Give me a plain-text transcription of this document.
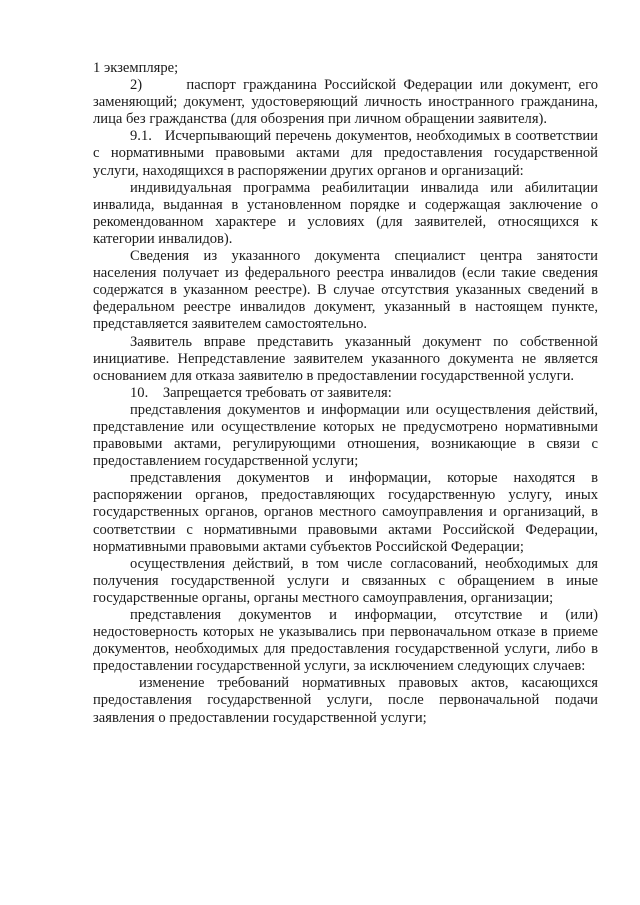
1 экземпляре;

2)      паспорт гражданина Российской Федерации или документ, его заменяющий; документ, удостоверяющий личность иностранного гражданина, лица без гражданства (для обозрения при личном обращении заявителя).

9.1.   Исчерпывающий перечень документов, необходимых в соответствии с нормативными правовыми актами для предоставления государственной услуги, находящихся в распоряжении других органов и организаций:

индивидуальная программа реабилитации инвалида или абилитации инвалида, выданная в установленном порядке и содержащая заключение о рекомендованном характере и условиях (для заявителей, относящихся к категории инвалидов).

Сведения из указанного документа специалист центра занятости населения получает из федерального реестра инвалидов (если такие сведения содержатся в указанном реестре). В случае отсутствия указанных сведений в федеральном реестре инвалидов документ, указанный в настоящем пункте, представляется заявителем самостоятельно.

Заявитель вправе представить указанный документ по собственной инициативе. Непредставление заявителем указанного документа не является основанием для отказа заявителю в предоставлении государственной услуги.

10.    Запрещается требовать от заявителя:

представления документов и информации или осуществления действий, представление или осуществление которых не предусмотрено нормативными правовыми актами, регулирующими отношения, возникающие в связи с предоставлением государственной услуги;

представления документов и информации, которые находятся в распоряжении органов, предоставляющих государственную услугу, иных государственных органов, органов местного самоуправления и организаций, в соответствии с нормативными правовыми актами Российской Федерации, нормативными правовыми актами субъектов Российской Федерации;

осуществления действий, в том числе согласований, необходимых для получения государственной услуги и связанных с обращением в иные государственные органы, органы местного самоуправления, организации;

представления документов и информации, отсутствие и (или) недостоверность которых не указывались при первоначальном отказе в приеме документов, необходимых для предоставления государственной услуги, либо в предоставлении государственной услуги, за исключением следующих случаев:

изменение требований нормативных правовых актов, касающихся предоставления государственной услуги, после первоначальной подачи заявления о предоставлении государственной услуги;
